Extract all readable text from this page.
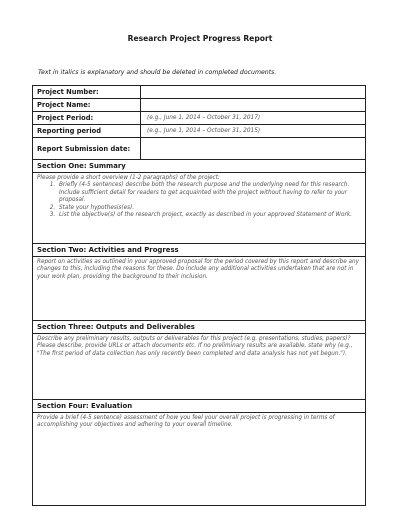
Research Project Progress Report
Text in italics is explanatory and should be deleted in completed documents.
Project Number:
Project Name:
Project Period:	(e.g., June 1, 2014 – October 31, 2017)
Reporting period	(e.g., June 1, 2014 – October 31, 2015)
Report Submission date:
Section One: Summary
Please provide a short overview (1-2 paragraphs) of the project:
1. Briefly (4-5 sentences) describe both the research purpose and the underlying need for this research. Include sufficient detail for readers to get acquainted with the project without having to refer to your proposal.
2. State your hypothesis(es).
3. List the objective(s) of the research project, exactly as described in your approved Statement of Work.
Section Two: Activities and Progress
Report on activities as outlined in your approved proposal for the period covered by this report and describe any changes to this, including the reasons for these. Do include any additional activities undertaken that are not in your work plan, providing the background to their inclusion.
Section Three: Outputs and Deliverables
Describe any preliminary results, outputs or deliverables for this project (e.g. presentations, studies, papers)? Please describe, provide URLs or attach documents etc. If no preliminary results are available, state why (e.g., "The first period of data collection has only recently been completed and data analysis has not yet begun.").
Section Four: Evaluation
Provide a brief (4-5 sentence) assessment of how you feel your overall project is progressing in terms of accomplishing your objectives and adhering to your overall timeline.
